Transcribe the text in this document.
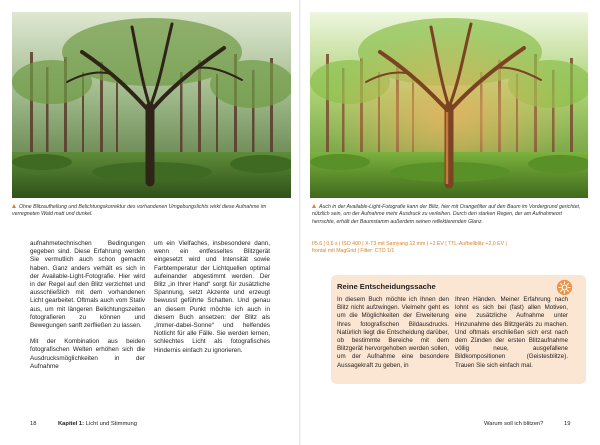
Ohne Blitzaufhellung und Belichtungskorrektur des vorhandenen Umgebungslichts wirkt diese Aufnahme im verregneten Wald matt und dunkel.
Auch in der Available-Light-Fotografie kann der Blitz, hier mit Orangefilter auf den Baum im Vordergrund gerichtet, nützlich sein, um der Aufnahme mehr Ausdruck zu verleihen. Durch den starken Regen, der am Aufnahmeort herrschte, erhält der Baumstamm außerdem seinen reflektierenden Glanz.
f/5.6 | 0,6 s | ISO 400 | X-T3 mit Samyang 12 mm | +2 EV | TTL-Aufhellblitz +2,0 EV |
frontal mit MagGrid | Filter: CTO 1/1

aufnahmetechnischen Bedingungen gegeben sind. Diese Erfahrung werden Sie vermutlich auch schon gemacht haben. Ganz anders verhält es sich in der Available-Light-Fotografie. Hier wird in der Regel auf den Blitz verzichtet und ausschließlich mit dem vorhandenen Licht gearbeitet. Oftmals auch vom Stativ aus, um mit längeren Belichtungszeiten fotografieren zu können und Bewegungen sanft zerfließen zu lassen.

Mit der Kombination aus beiden fotografischen Welten erhöhen sich die Ausdrucksmöglichkeiten in der Aufnahme

um ein Vielfaches, insbesondere dann, wenn ein entfesseltes Blitzgerät eingesetzt wird und Intensität sowie Farbtemperatur der Lichtquellen optimal aufeinander abgestimmt werden. Der Blitz „in Ihrer Hand“ sorgt für zusätzliche Spannung, setzt Akzente und erzeugt bewusst geführte Schatten. Und genau an diesem Punkt möchte ich auch in diesem Buch ansetzen: der Blitz als „Immer-dabei-Sonne“ und helfendes Notlicht für alle Fälle. Sie werden lernen, schlechtes Licht als fotografisches Hindernis einfach zu ignorieren.

Reine Entscheidungssache
In diesem Buch möchte ich Ihnen den Blitz nicht aufzwingen. Vielmehr geht es um die Möglichkeiten der Erweiterung Ihres fotografischen Bildausdrucks. Natürlich liegt die Entscheidung darüber, ob bestimmte Bereiche mit dem Blitzgerät hervorgehoben werden sollen, um der Aufnahme eine besondere Aussagekraft zu geben, in
Ihren Händen. Meiner Erfahrung nach lohnt es sich bei (fast) allen Motiven, eine zusätzliche Aufnahme unter Hinzunahme des Blitzgeräts zu machen. Und oftmals erschließen sich erst nach dem Zünden der ersten Blitzaufnahme völlig neue, ausgefallene Bildkompositionen (Geistesblitze). Trauen Sie sich einfach mal.
18	Kapitel 1: Licht und Stimmung	Warum soll ich blitzen?	19
